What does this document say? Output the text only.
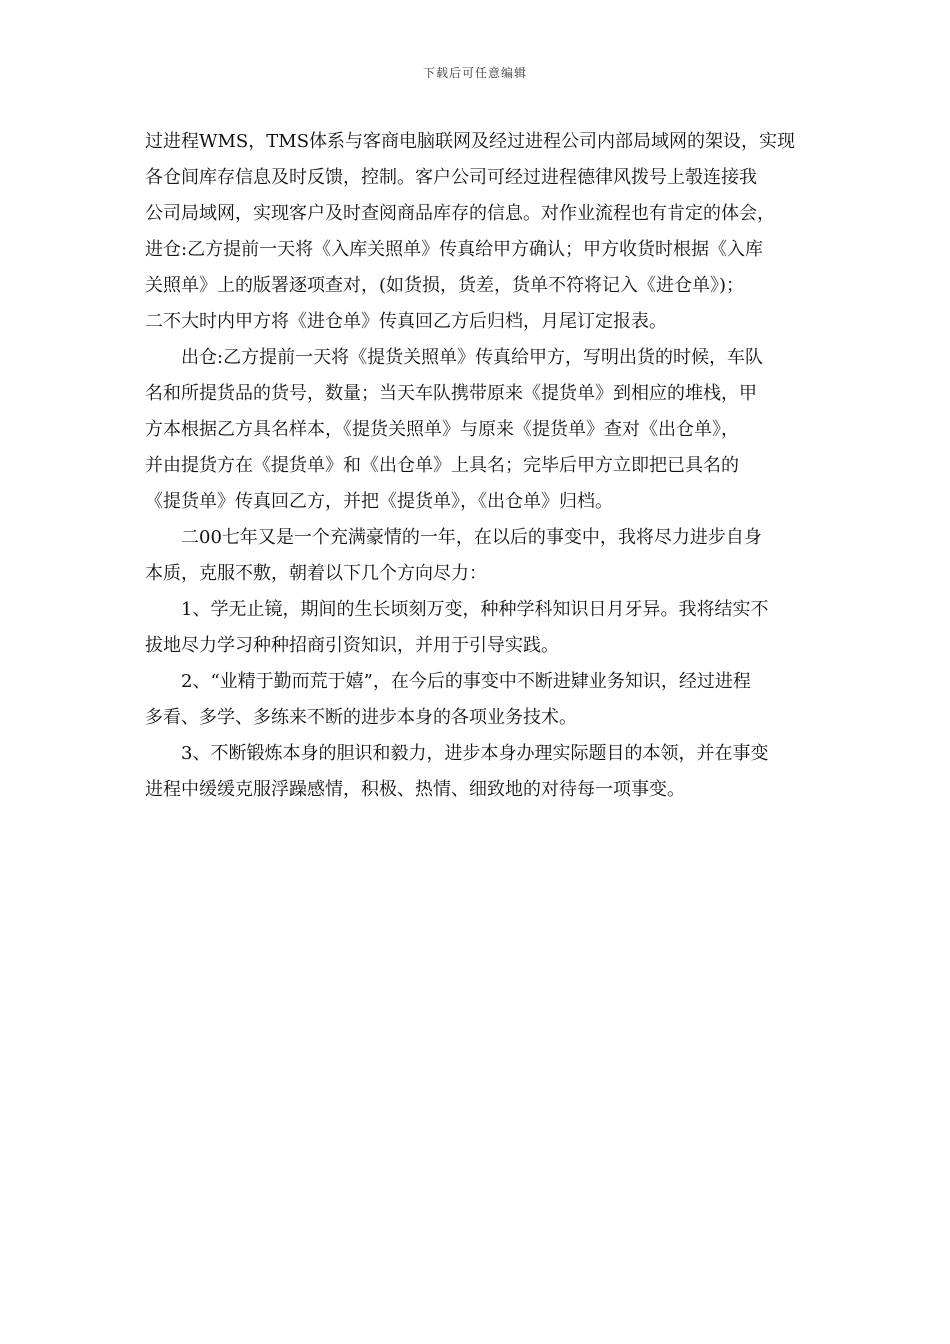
下载后可任意编辑
过进程WMS，TMS体系与客商电脑联网及经过进程公司内部局域网的架设，实现
各仓间库存信息及时反馈，控制。客户公司可经过进程德律风拨号上彀连接我
公司局域网，实现客户及时查阅商品库存的信息。对作业流程也有肯定的体会，
进仓:乙方提前一天将《入库关照单》传真给甲方确认；甲方收货时根据《入库
关照单》上的版署逐项查对，(如货损，货差，货单不符将记入《进仓单》)；
二不大时内甲方将《进仓单》传真回乙方后归档，月尾订定报表。
　　出仓:乙方提前一天将《提货关照单》传真给甲方，写明出货的时候，车队
名和所提货品的货号，数量；当天车队携带原来《提货单》到相应的堆栈，甲
方本根据乙方具名样本，《提货关照单》与原来《提货单》查对《出仓单》，
并由提货方在《提货单》和《出仓单》上具名；完毕后甲方立即把已具名的
《提货单》传真回乙方，并把《提货单》，《出仓单》归档。
　　二00七年又是一个充满豪情的一年，在以后的事变中，我将尽力进步自身
本质，克服不敷，朝着以下几个方向尽力：
　　1、学无止镜，期间的生长顷刻万变，种种学科知识日月牙异。我将结实不
拔地尽力学习种种招商引资知识，并用于引导实践。
　　2、“业精于勤而荒于嬉”，在今后的事变中不断进肄业务知识，经过进程
多看、多学、多练来不断的进步本身的各项业务技术。
　　3、不断锻炼本身的胆识和毅力，进步本身办理实际题目的本领，并在事变
进程中缓缓克服浮躁感情，积极、热情、细致地的对待每一项事变。
